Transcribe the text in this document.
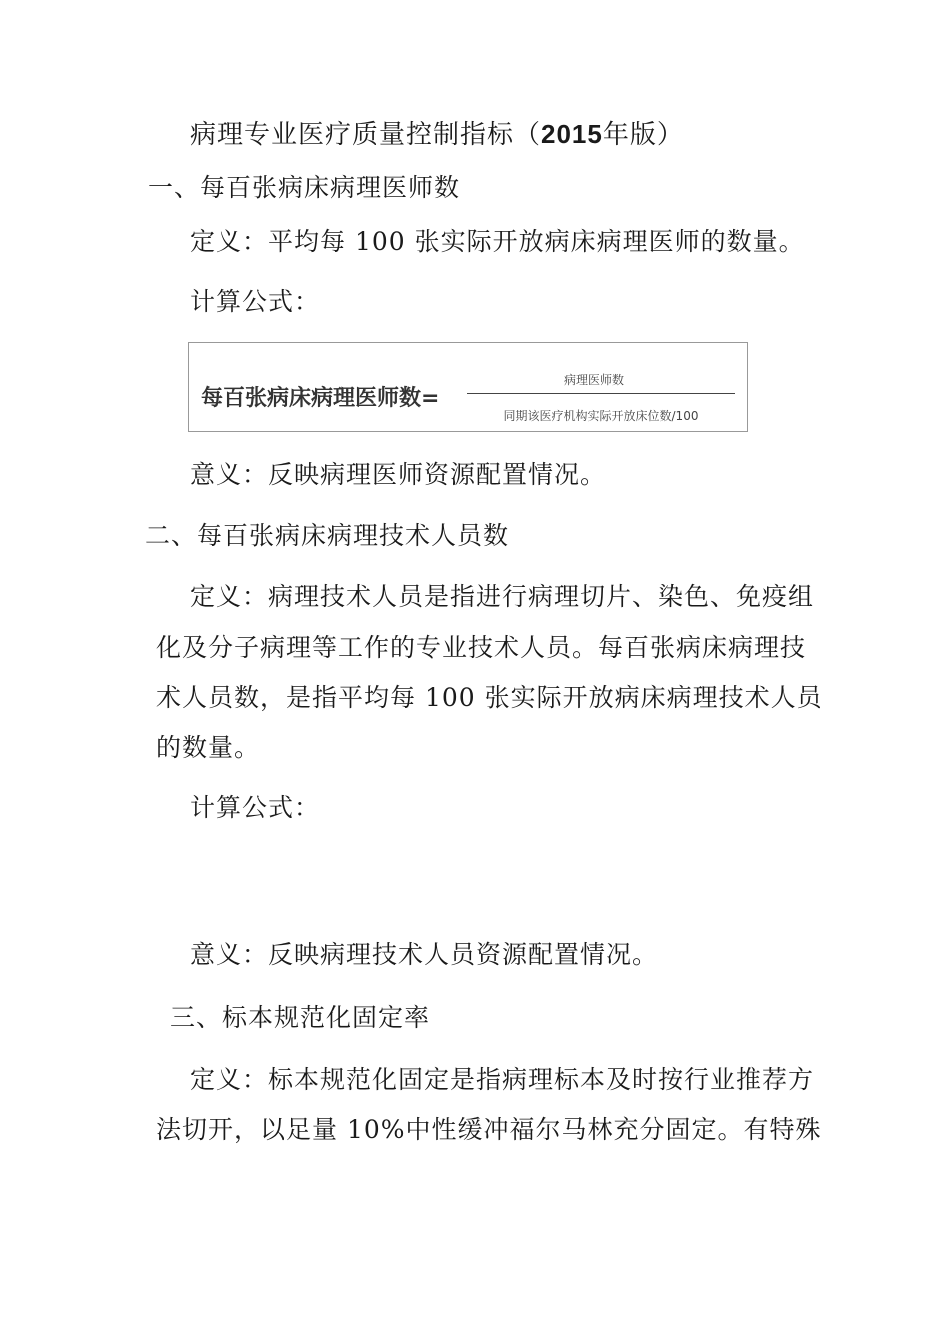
病理专业医疗质量控制指标（2015年版）
一、每百张病床病理医师数
定义：平均每 100 张实际开放病床病理医师的数量。
计算公式：
每百张病床病理医师数=
病理医师数
同期该医疗机构实际开放床位数/100
意义：反映病理医师资源配置情况。
二、每百张病床病理技术人员数
定义：病理技术人员是指进行病理切片、染色、免疫组
化及分子病理等工作的专业技术人员。每百张病床病理技
术人员数，是指平均每 100 张实际开放病床病理技术人员
的数量。
计算公式：
意义：反映病理技术人员资源配置情况。
三、标本规范化固定率
定义：标本规范化固定是指病理标本及时按行业推荐方
法切开，以足量 10%中性缓冲福尔马林充分固定。有特殊
